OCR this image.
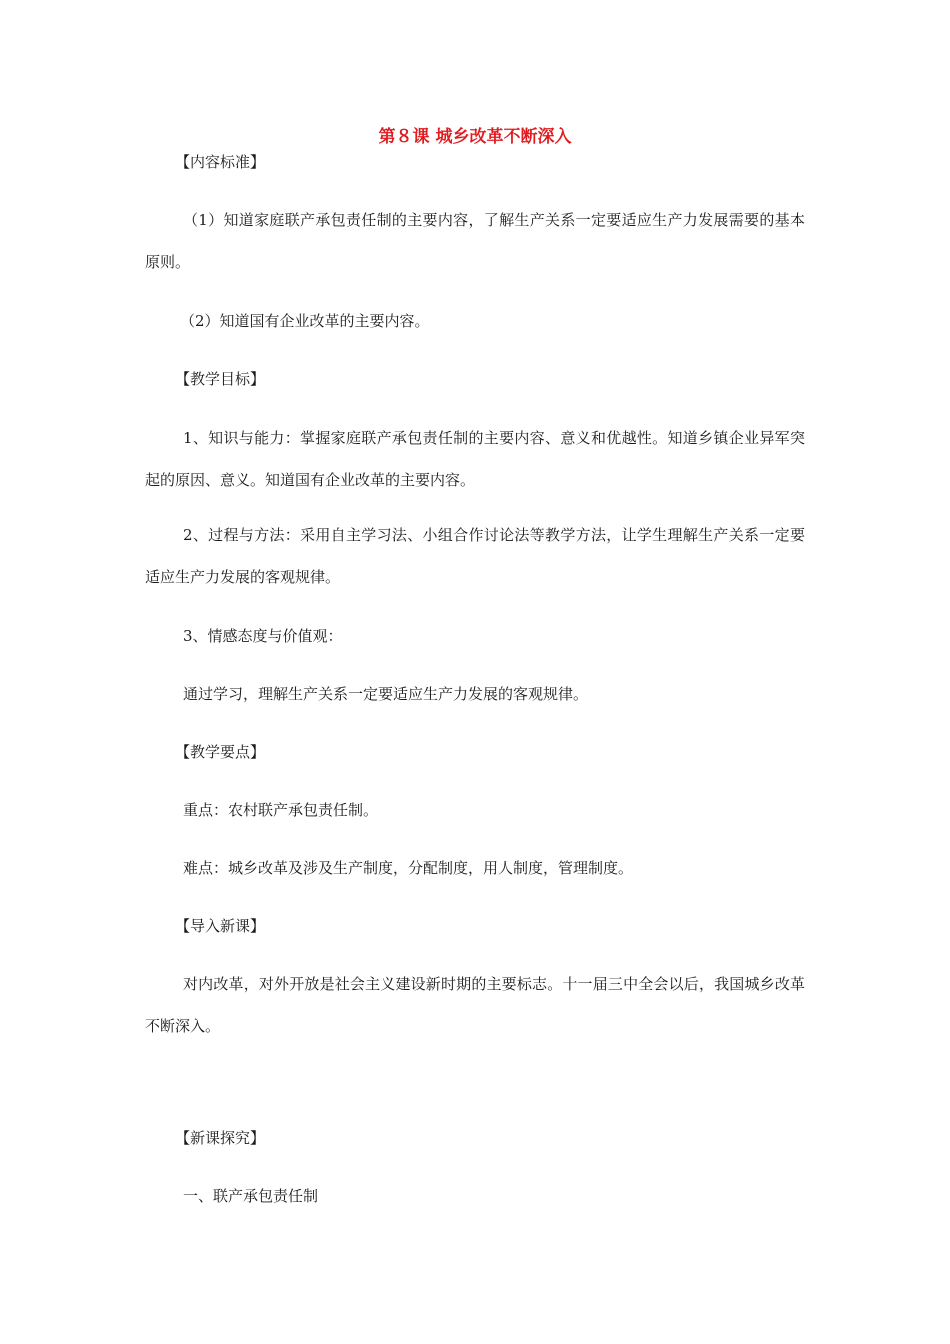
第８课 城乡改革不断深入
【内容标准】
（1）知道家庭联产承包责任制的主要内容，了解生产关系一定要适应生产力发展需要的基本原则。
（2）知道国有企业改革的主要内容。
【教学目标】
1、知识与能力：掌握家庭联产承包责任制的主要内容、意义和优越性。知道乡镇企业异军突起的原因、意义。知道国有企业改革的主要内容。
2、过程与方法：采用自主学习法、小组合作讨论法等教学方法，让学生理解生产关系一定要适应生产力发展的客观规律。
3、情感态度与价值观：
通过学习，理解生产关系一定要适应生产力发展的客观规律。
【教学要点】
重点：农村联产承包责任制。
难点：城乡改革及涉及生产制度，分配制度，用人制度，管理制度。
【导入新课】
对内改革，对外开放是社会主义建设新时期的主要标志。十一届三中全会以后，我国城乡改革不断深入。
【新课探究】
一、联产承包责任制
